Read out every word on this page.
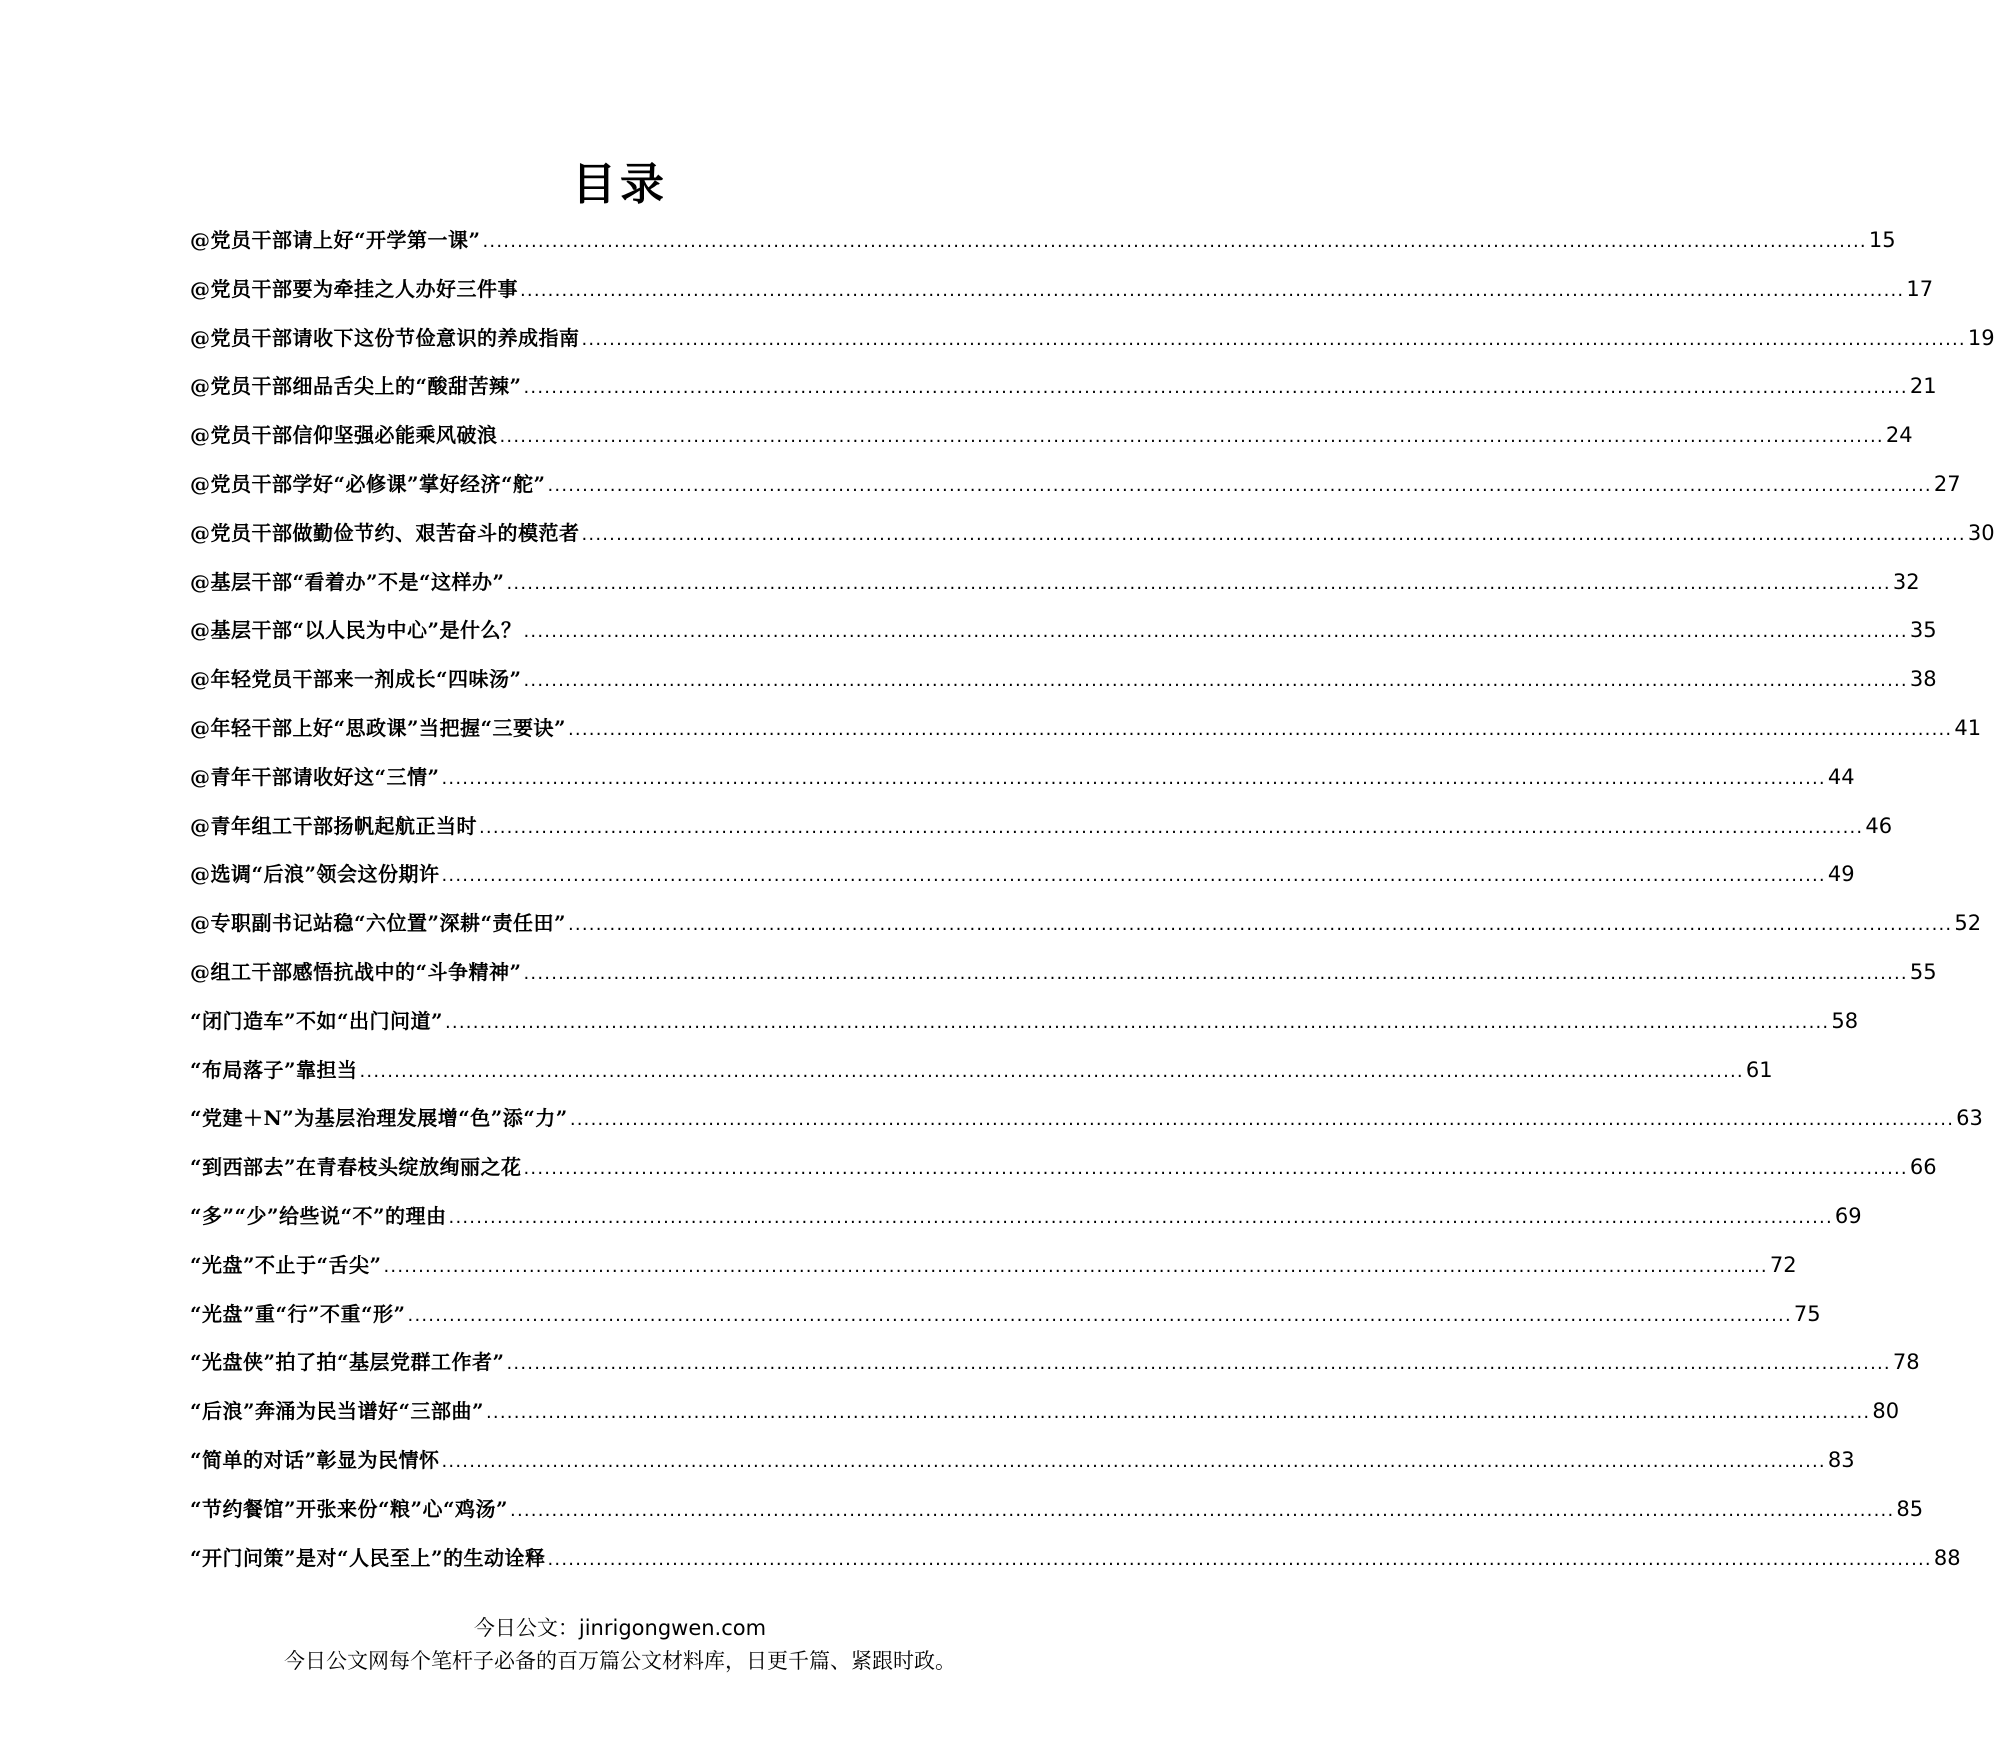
目录
@党员干部请上好“开学第一课” ........................................................................................................................................................................................................ 15
@党员干部要为牵挂之人办好三件事 ........................................................................................................................................................................................................ 17
@党员干部请收下这份节俭意识的养成指南 ........................................................................................................................................................................................................ 19
@党员干部细品舌尖上的“酸甜苦辣” ........................................................................................................................................................................................................ 21
@党员干部信仰坚强必能乘风破浪 ........................................................................................................................................................................................................ 24
@党员干部学好“必修课”掌好经济“舵” ........................................................................................................................................................................................................ 27
@党员干部做勤俭节约、艰苦奋斗的模范者 ........................................................................................................................................................................................................ 30
@基层干部“看着办”不是“这样办” ........................................................................................................................................................................................................ 32
@基层干部“以人民为中心”是什么？ ........................................................................................................................................................................................................ 35
@年轻党员干部来一剂成长“四味汤” ........................................................................................................................................................................................................ 38
@年轻干部上好“思政课”当把握“三要诀” ........................................................................................................................................................................................................ 41
@青年干部请收好这“三情” ........................................................................................................................................................................................................ 44
@青年组工干部扬帆起航正当时 ........................................................................................................................................................................................................ 46
@选调“后浪”领会这份期许 ........................................................................................................................................................................................................ 49
@专职副书记站稳“六位置”深耕“责任田” ........................................................................................................................................................................................................ 52
@组工干部感悟抗战中的“斗争精神” ........................................................................................................................................................................................................ 55
“闭门造车”不如“出门问道” ........................................................................................................................................................................................................ 58
“布局落子”靠担当 ........................................................................................................................................................................................................ 61
“党建＋N”为基层治理发展增“色”添“力” ........................................................................................................................................................................................................ 63
“到西部去”在青春枝头绽放绚丽之花 ........................................................................................................................................................................................................ 66
“多”“少”给些说“不”的理由 ........................................................................................................................................................................................................ 69
“光盘”不止于“舌尖” ........................................................................................................................................................................................................ 72
“光盘”重“行”不重“形” ........................................................................................................................................................................................................ 75
“光盘侠”拍了拍“基层党群工作者” ........................................................................................................................................................................................................ 78
“后浪”奔涌为民当谱好“三部曲” ........................................................................................................................................................................................................ 80
“简单的对话”彰显为民情怀 ........................................................................................................................................................................................................ 83
“节约餐馆”开张来份“粮”心“鸡汤” ........................................................................................................................................................................................................ 85
“开门问策”是对“人民至上”的生动诠释 ........................................................................................................................................................................................................ 88
今日公文：jinrigongwen.com
今日公文网每个笔杆子必备的百万篇公文材料库，日更千篇、紧跟时政。
